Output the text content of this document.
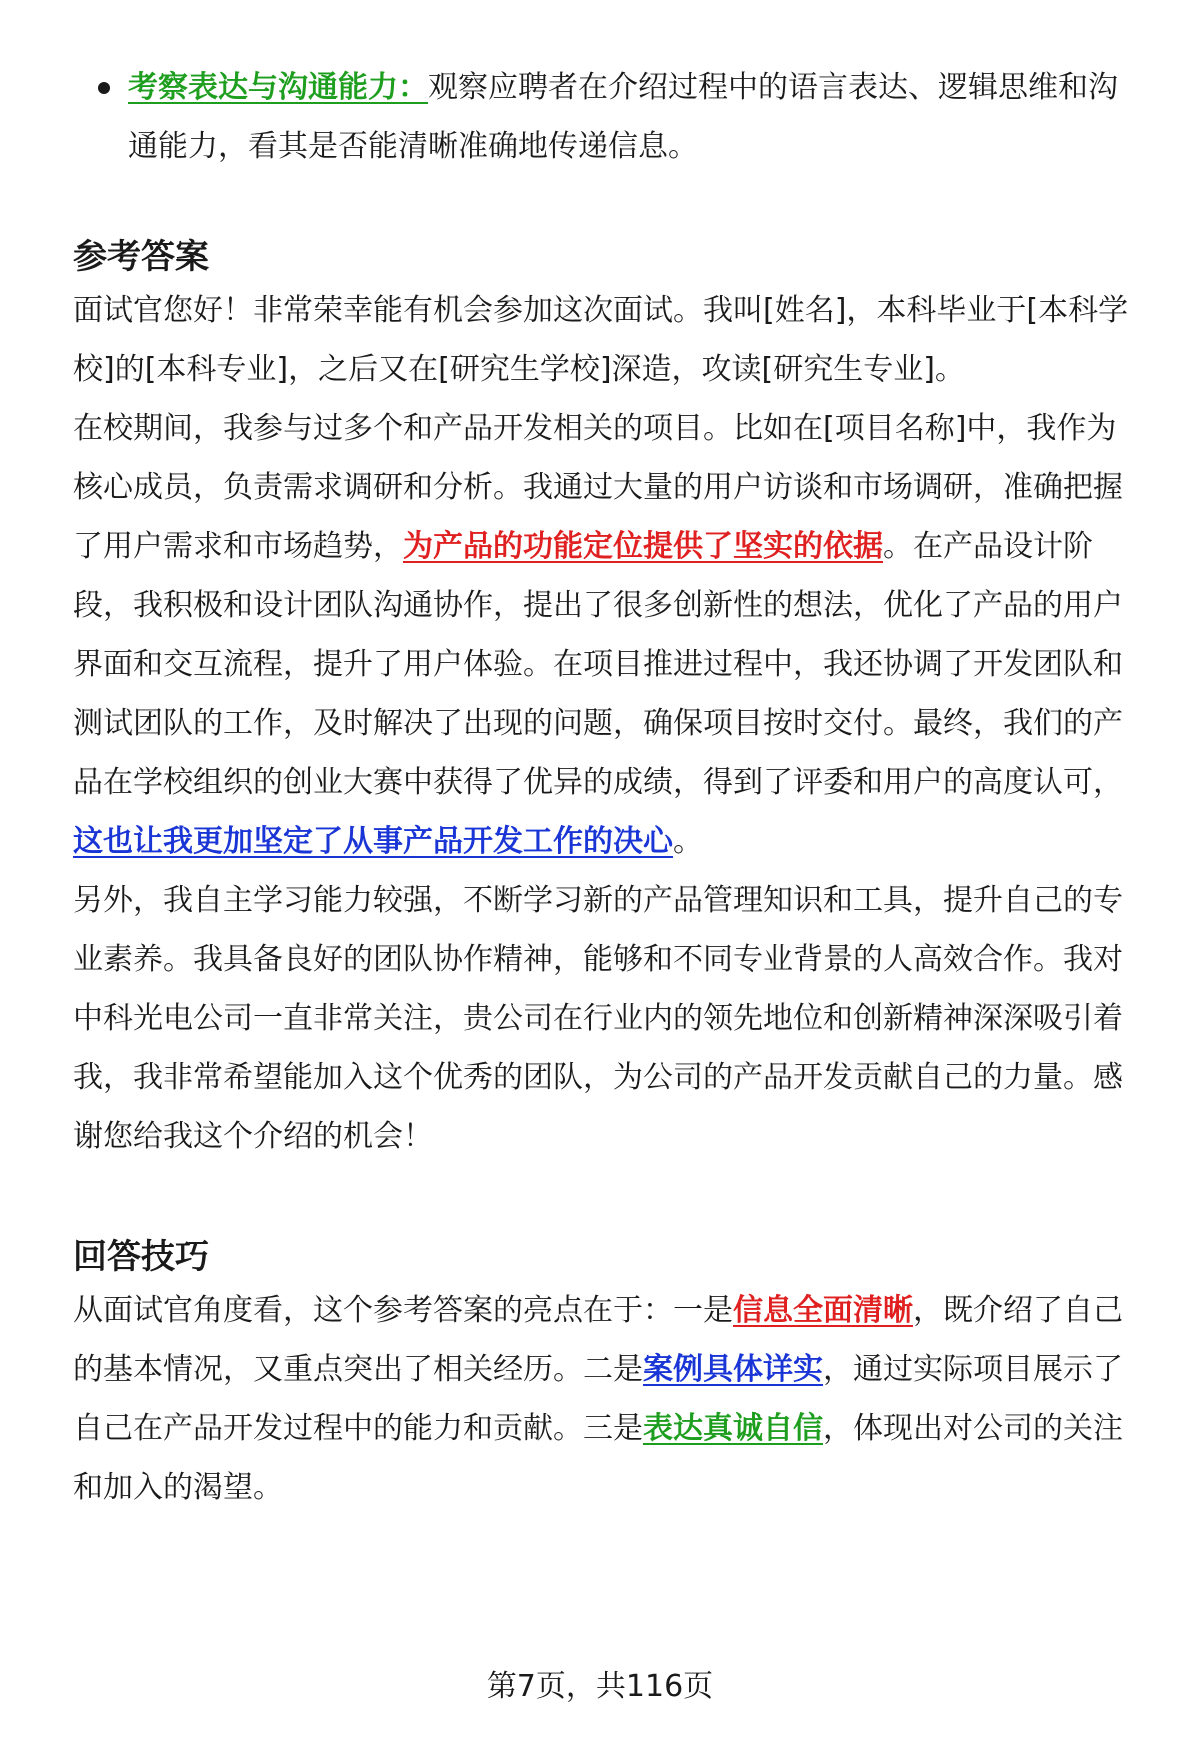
考察表达与沟通能力：观察应聘者在介绍过程中的语言表达、逻辑思维和沟通能力，看其是否能清晰准确地传递信息。

参考答案

面试官您好！非常荣幸能有机会参加这次面试。我叫[姓名]，本科毕业于[本科学校]的[本科专业]，之后又在[研究生学校]深造，攻读[研究生专业]。

在校期间，我参与过多个和产品开发相关的项目。比如在[项目名称]中，我作为核心成员，负责需求调研和分析。我通过大量的用户访谈和市场调研，准确把握了用户需求和市场趋势，为产品的功能定位提供了坚实的依据。在产品设计阶段，我积极和设计团队沟通协作，提出了很多创新性的想法，优化了产品的用户界面和交互流程，提升了用户体验。在项目推进过程中，我还协调了开发团队和测试团队的工作，及时解决了出现的问题，确保项目按时交付。最终，我们的产品在学校组织的创业大赛中获得了优异的成绩，得到了评委和用户的高度认可，这也让我更加坚定了从事产品开发工作的决心。

另外，我自主学习能力较强，不断学习新的产品管理知识和工具，提升自己的专业素养。我具备良好的团队协作精神，能够和不同专业背景的人高效合作。我对中科光电公司一直非常关注，贵公司在行业内的领先地位和创新精神深深吸引着我，我非常希望能加入这个优秀的团队，为公司的产品开发贡献自己的力量。感谢您给我这个介绍的机会！

回答技巧

从面试官角度看，这个参考答案的亮点在于：一是信息全面清晰，既介绍了自己的基本情况，又重点突出了相关经历。二是案例具体详实，通过实际项目展示了自己在产品开发过程中的能力和贡献。三是表达真诚自信，体现出对公司的关注和加入的渴望。

第7页，共116页
